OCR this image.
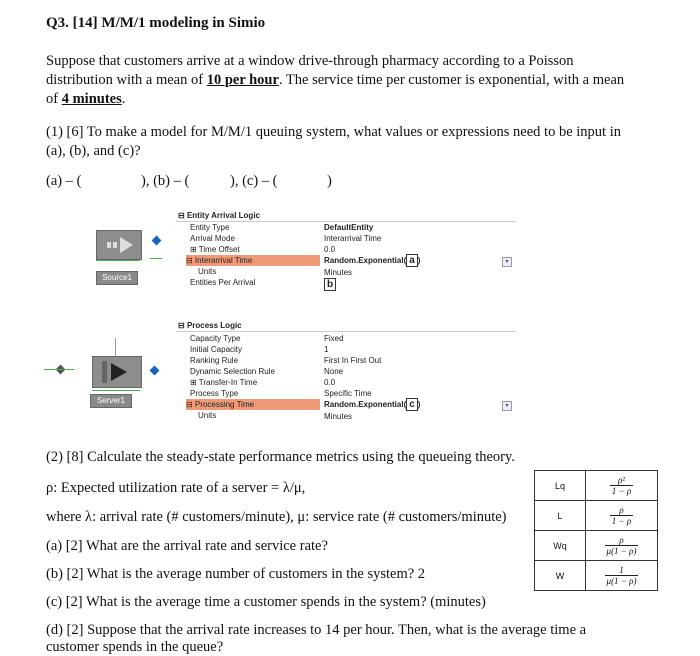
Q3. [14] M/M/1 modeling in Simio
Suppose that customers arrive at a window drive-through pharmacy according to a Poisson
distribution with a mean of 10 per hour. The service time per customer is exponential, with a mean
of 4 minutes.
(1) [6] To make a model for M/M/1 queuing system, what values or expressions need to be input in
(a), (b), and (c)?
(a) – (	), (b) – (	), (c) – (	)
Source1
⊟ Entity Arrival Logic
Entity Type	DefaultEntity
Arrival Mode	Interarrival Time
⊞ Time Offset	0.0
⊟ Interarrival Time	Random.Exponential( a )	▾
Units	Minutes
Entities Per Arrival	b
Server1
⊟ Process Logic
Capacity Type	Fixed
Initial Capacity	1
Ranking Rule	First In First Out
Dynamic Selection Rule	None
⊞ Transfer-In Time	0.0
Process Type	Specific Time
⊟ Processing Time	Random.Exponential( c )	▾
Units	Minutes
(2) [8] Calculate the steady-state performance metrics using the queueing theory.
ρ: Expected utilization rate of a server = λ/μ,
where λ: arrival rate (# customers/minute), μ: service rate (# customers/minute)
(a) [2] What are the arrival rate and service rate?
(b) [2] What is the average number of customers in the system? 2
(c) [2] What is the average time a customer spends in the system? (minutes)
(d) [2] Suppose that the arrival rate increases to 14 per hour. Then, what is the average time a
customer spends in the queue?
Lq	$\frac{\text{ρ²}}{1 - \rho}$

L	$\frac{\rho}{1 - \rho}$

Wq	$\frac{\rho}{\mu(1 - \rho)}$

W	$\frac{1}{\mu(1 - \rho)}$
